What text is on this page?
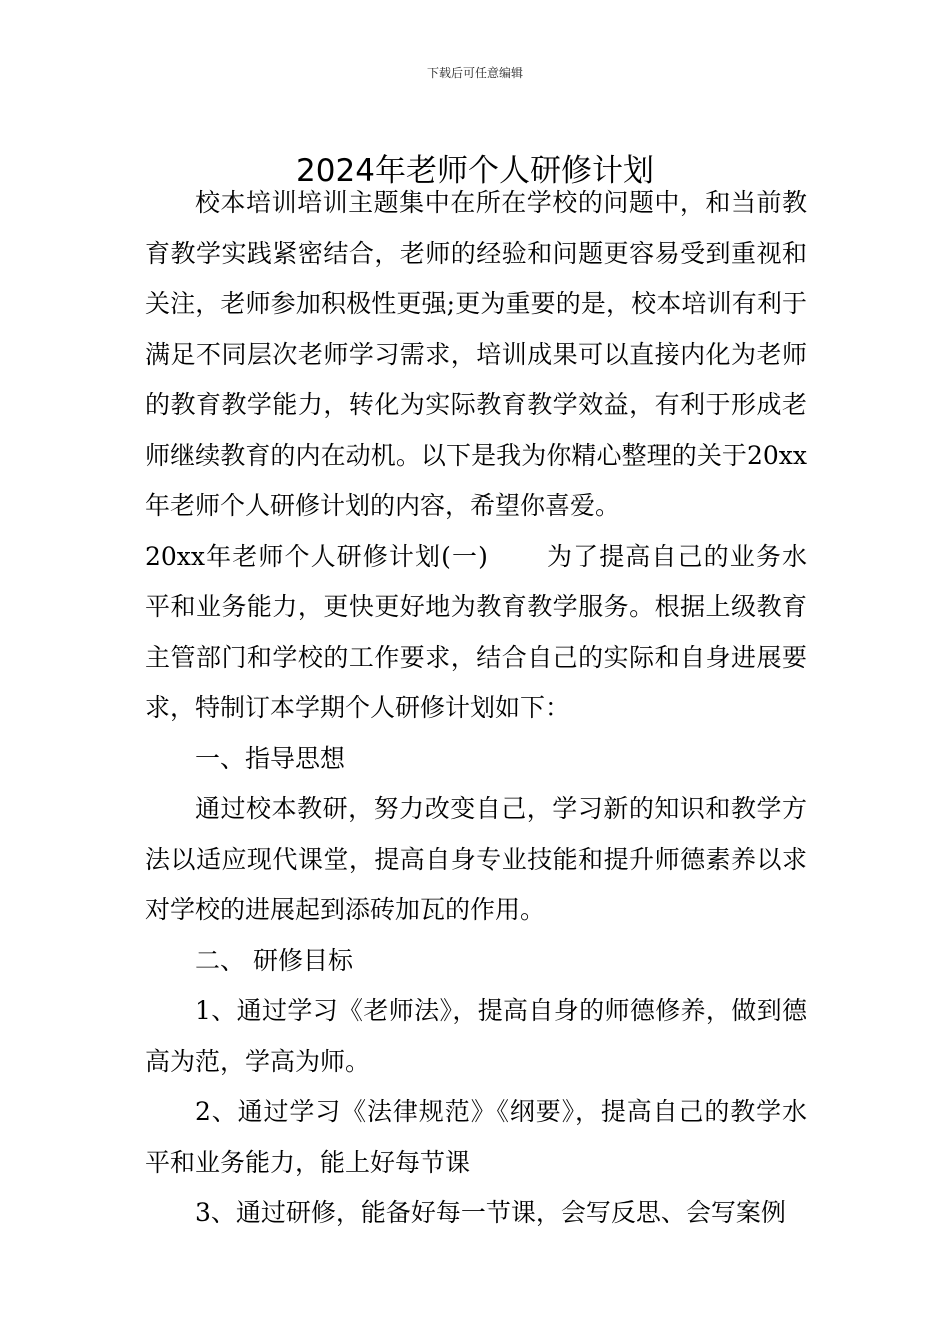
下载后可任意编辑
2024年老师个人研修计划

校本培训培训主题集中在所在学校的问题中，和当前教育教学实践紧密结合，老师的经验和问题更容易受到重视和关注，老师参加积极性更强;更为重要的是，校本培训有利于满足不同层次老师学习需求，培训成果可以直接内化为老师的教育教学能力，转化为实际教育教学效益，有利于形成老师继续教育的内在动机。以下是我为你精心整理的关于20xx年老师个人研修计划的内容，希望你喜爱。

20xx年老师个人研修计划(一) 为了提高自己的业务水平和业务能力，更快更好地为教育教学服务。根据上级教育主管部门和学校的工作要求，结合自己的实际和自身进展要求，特制订本学期个人研修计划如下：

一、指导思想

通过校本教研，努力改变自己，学习新的知识和教学方法以适应现代课堂，提高自身专业技能和提升师德素养以求对学校的进展起到添砖加瓦的作用。

二、 研修目标

1、通过学习《老师法》，提高自身的师德修养，做到德高为范，学高为师。

2、通过学习《法律规范》《纲要》，提高自己的教学水平和业务能力，能上好每节课

3、通过研修，能备好每一节课，会写反思、会写案例
